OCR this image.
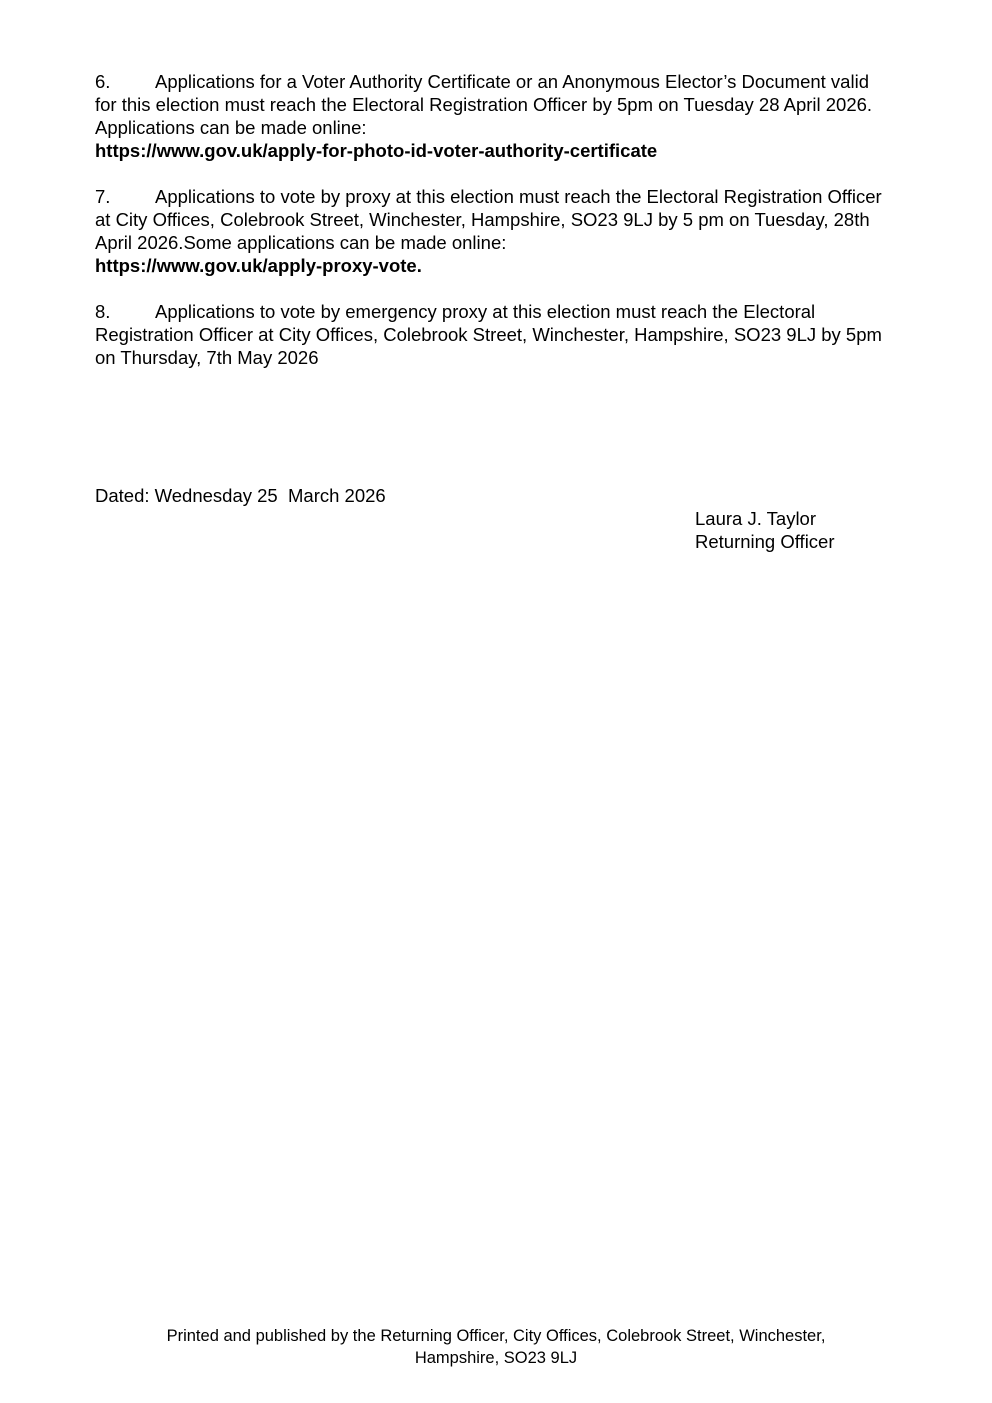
6. Applications for a Voter Authority Certificate or an Anonymous Elector’s Document valid for this election must reach the Electoral Registration Officer by 5pm on Tuesday 28 April 2026. Applications can be made online:
https://www.gov.uk/apply-for-photo-id-voter-authority-certificate

7. Applications to vote by proxy at this election must reach the Electoral Registration Officer at City Offices, Colebrook Street, Winchester, Hampshire, SO23 9LJ by 5 pm on Tuesday, 28th April 2026.Some applications can be made online:
https://www.gov.uk/apply-proxy-vote.

8. Applications to vote by emergency proxy at this election must reach the Electoral Registration Officer at City Offices, Colebrook Street, Winchester, Hampshire, SO23 9LJ by 5pm on Thursday, 7th May 2026

Dated: Wednesday 25  March 2026
Laura J. Taylor
Returning Officer
Printed and published by the Returning Officer, City Offices, Colebrook Street, Winchester,
Hampshire, SO23 9LJ
